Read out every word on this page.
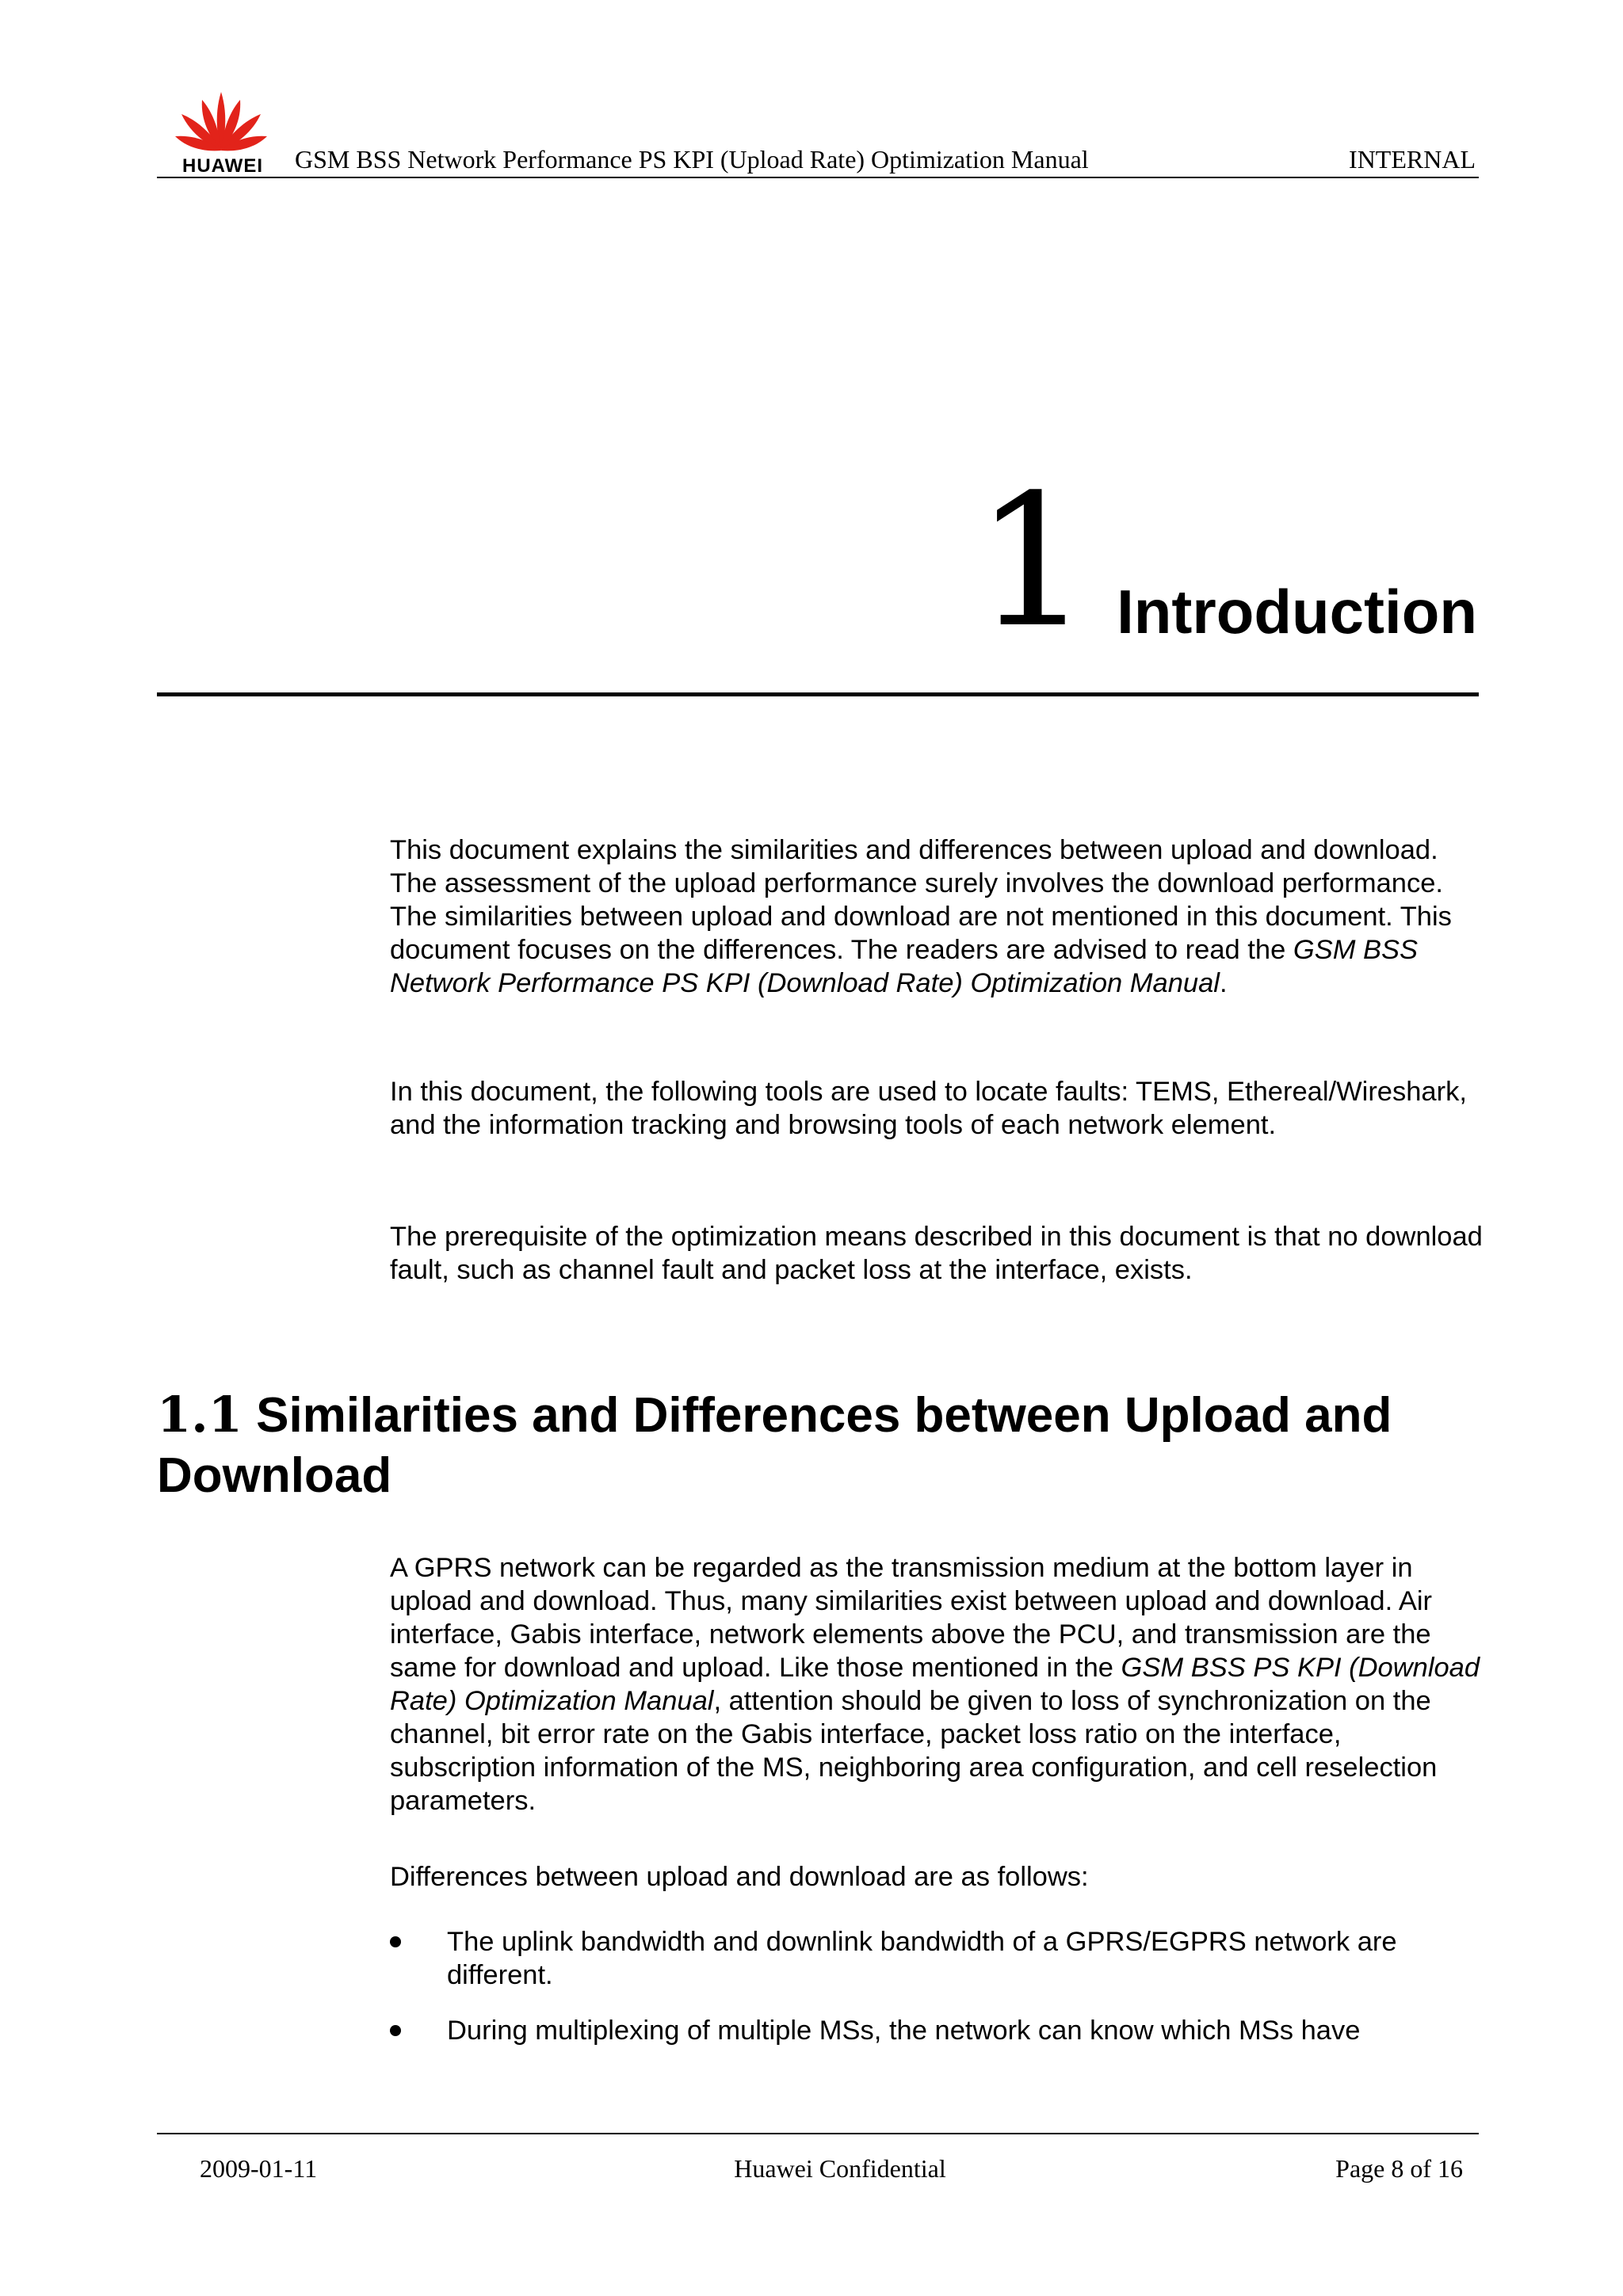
HUAWEI GSM BSS Network Performance PS KPI (Upload Rate) Optimization Manual	INTERNAL
1 Introduction

This document explains the similarities and differences between upload and download. The assessment of the upload performance surely involves the download performance. The similarities between upload and download are not mentioned in this document. This document focuses on the differences. The readers are advised to read the GSM BSS Network Performance PS KPI (Download Rate) Optimization Manual.

In this document, the following tools are used to locate faults: TEMS, Ethereal/Wireshark, and the information tracking and browsing tools of each network element.

The prerequisite of the optimization means described in this document is that no download fault, such as channel fault and packet loss at the interface, exists.

1.1 Similarities and Differences between Upload and Download

A GPRS network can be regarded as the transmission medium at the bottom layer in upload and download. Thus, many similarities exist between upload and download. Air interface, Gabis interface, network elements above the PCU, and transmission are the same for download and upload. Like those mentioned in the GSM BSS PS KPI (Download Rate) Optimization Manual, attention should be given to loss of synchronization on the channel, bit error rate on the Gabis interface, packet loss ratio on the interface, subscription information of the MS, neighboring area configuration, and cell reselection parameters.

Differences between upload and download are as follows:

The uplink bandwidth and downlink bandwidth of a GPRS/EGPRS network are different.

During multiplexing of multiple MSs, the network can know which MSs have

2009-01-11	Huawei Confidential	Page 8 of 16
